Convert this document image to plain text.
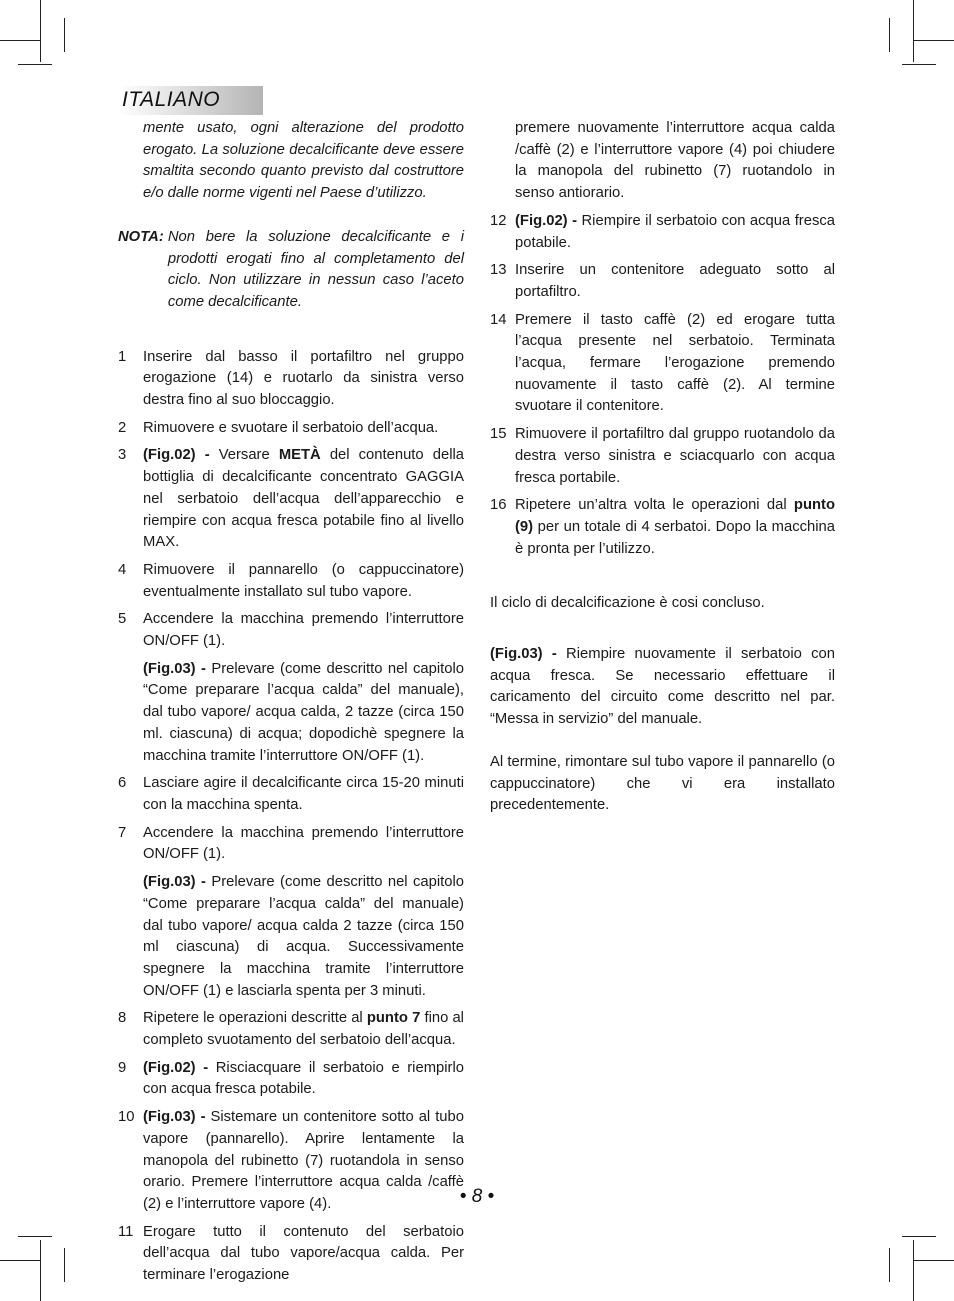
ITALIANO

mente usato, ogni alterazione del prodotto erogato. La soluzione decalcificante deve essere smaltita secondo quanto previsto dal costruttore e/o dalle norme vigenti nel Paese d’utilizzo.

NOTA:
Non bere la soluzione decalcificante e i prodotti erogati fino al completamento del ciclo. Non utilizzare in nessun caso l’aceto come decalcificante.
1	Inserire dal basso il portafiltro nel gruppo erogazione (14) e ruotarlo da sinistra verso destra fino al suo bloccaggio.
2	Rimuovere e svuotare il serbatoio dell’acqua.
3	(Fig.02) - Versare METÀ del contenuto della bottiglia di decalcificante concentrato GAGGIA nel serbatoio dell’acqua dell’apparecchio e riempire con acqua fresca potabile fino al livello MAX.
4	Rimuovere il pannarello (o cappuccinatore) eventualmente installato sul tubo vapore.
5	Accendere la macchina premendo l’interruttore ON/OFF (1).
(Fig.03) - Prelevare (come descritto nel capitolo “Come preparare l’acqua calda” del manuale), dal tubo vapore/ acqua calda, 2 tazze (circa 150 ml. ciascuna) di acqua; dopodichè spegnere la macchina tramite l’interruttore ON/OFF (1).
6	Lasciare agire il decalcificante circa 15-20 minuti con la macchina spenta.
7	Accendere la macchina premendo l’interruttore ON/OFF (1).
(Fig.03) - Prelevare (come descritto nel capitolo “Come preparare l’acqua calda” del manuale) dal tubo vapore/ acqua calda 2 tazze (circa 150 ml ciascuna) di acqua. Successivamente spegnere la macchina tramite l’interruttore ON/OFF (1) e lasciarla spenta per 3 minuti.
8	Ripetere le operazioni descritte al punto 7 fino al completo svuotamento del serbatoio dell’acqua.
9	(Fig.02) - Risciacquare il serbatoio e riempirlo con acqua fresca potabile.
10 (Fig.03) - Sistemare un contenitore sotto al tubo vapore (pannarello). Aprire lentamente la manopola del rubinetto (7) ruotandola in senso orario. Premere l’interruttore acqua calda /caffè (2) e l’interruttore vapore (4).
11 Erogare tutto il contenuto del serbatoio dell’acqua dal tubo vapore/acqua calda. Per terminare l’erogazione

premere nuovamente l’interruttore acqua calda /caffè (2) e l’interruttore vapore (4) poi chiudere la manopola del rubinetto (7) ruotandolo in senso antiorario.

12 (Fig.02) - Riempire il serbatoio con acqua fresca potabile.
13 Inserire un contenitore adeguato sotto al portafiltro.
14 Premere il tasto caffè (2) ed erogare tutta l’acqua presente nel serbatoio. Terminata l’acqua, fermare l’erogazione premendo nuovamente il tasto caffè (2). Al termine svuotare il contenitore.
15 Rimuovere il portafiltro dal gruppo ruotandolo da destra verso sinistra e sciacquarlo con acqua fresca portabile.
16 Ripetere un’altra volta le operazioni dal punto (9) per un totale di 4 serbatoi. Dopo la macchina è pronta per l’utilizzo.

Il ciclo di decalcificazione è cosi concluso.

(Fig.03) - Riempire nuovamente il serbatoio con acqua fresca. Se necessario effettuare il caricamento del circuito come descritto nel par. “Messa in servizio” del manuale.

Al termine, rimontare sul tubo vapore il pannarello (o cappuccinatore) che vi era installato precedentemente.

• 8 •
